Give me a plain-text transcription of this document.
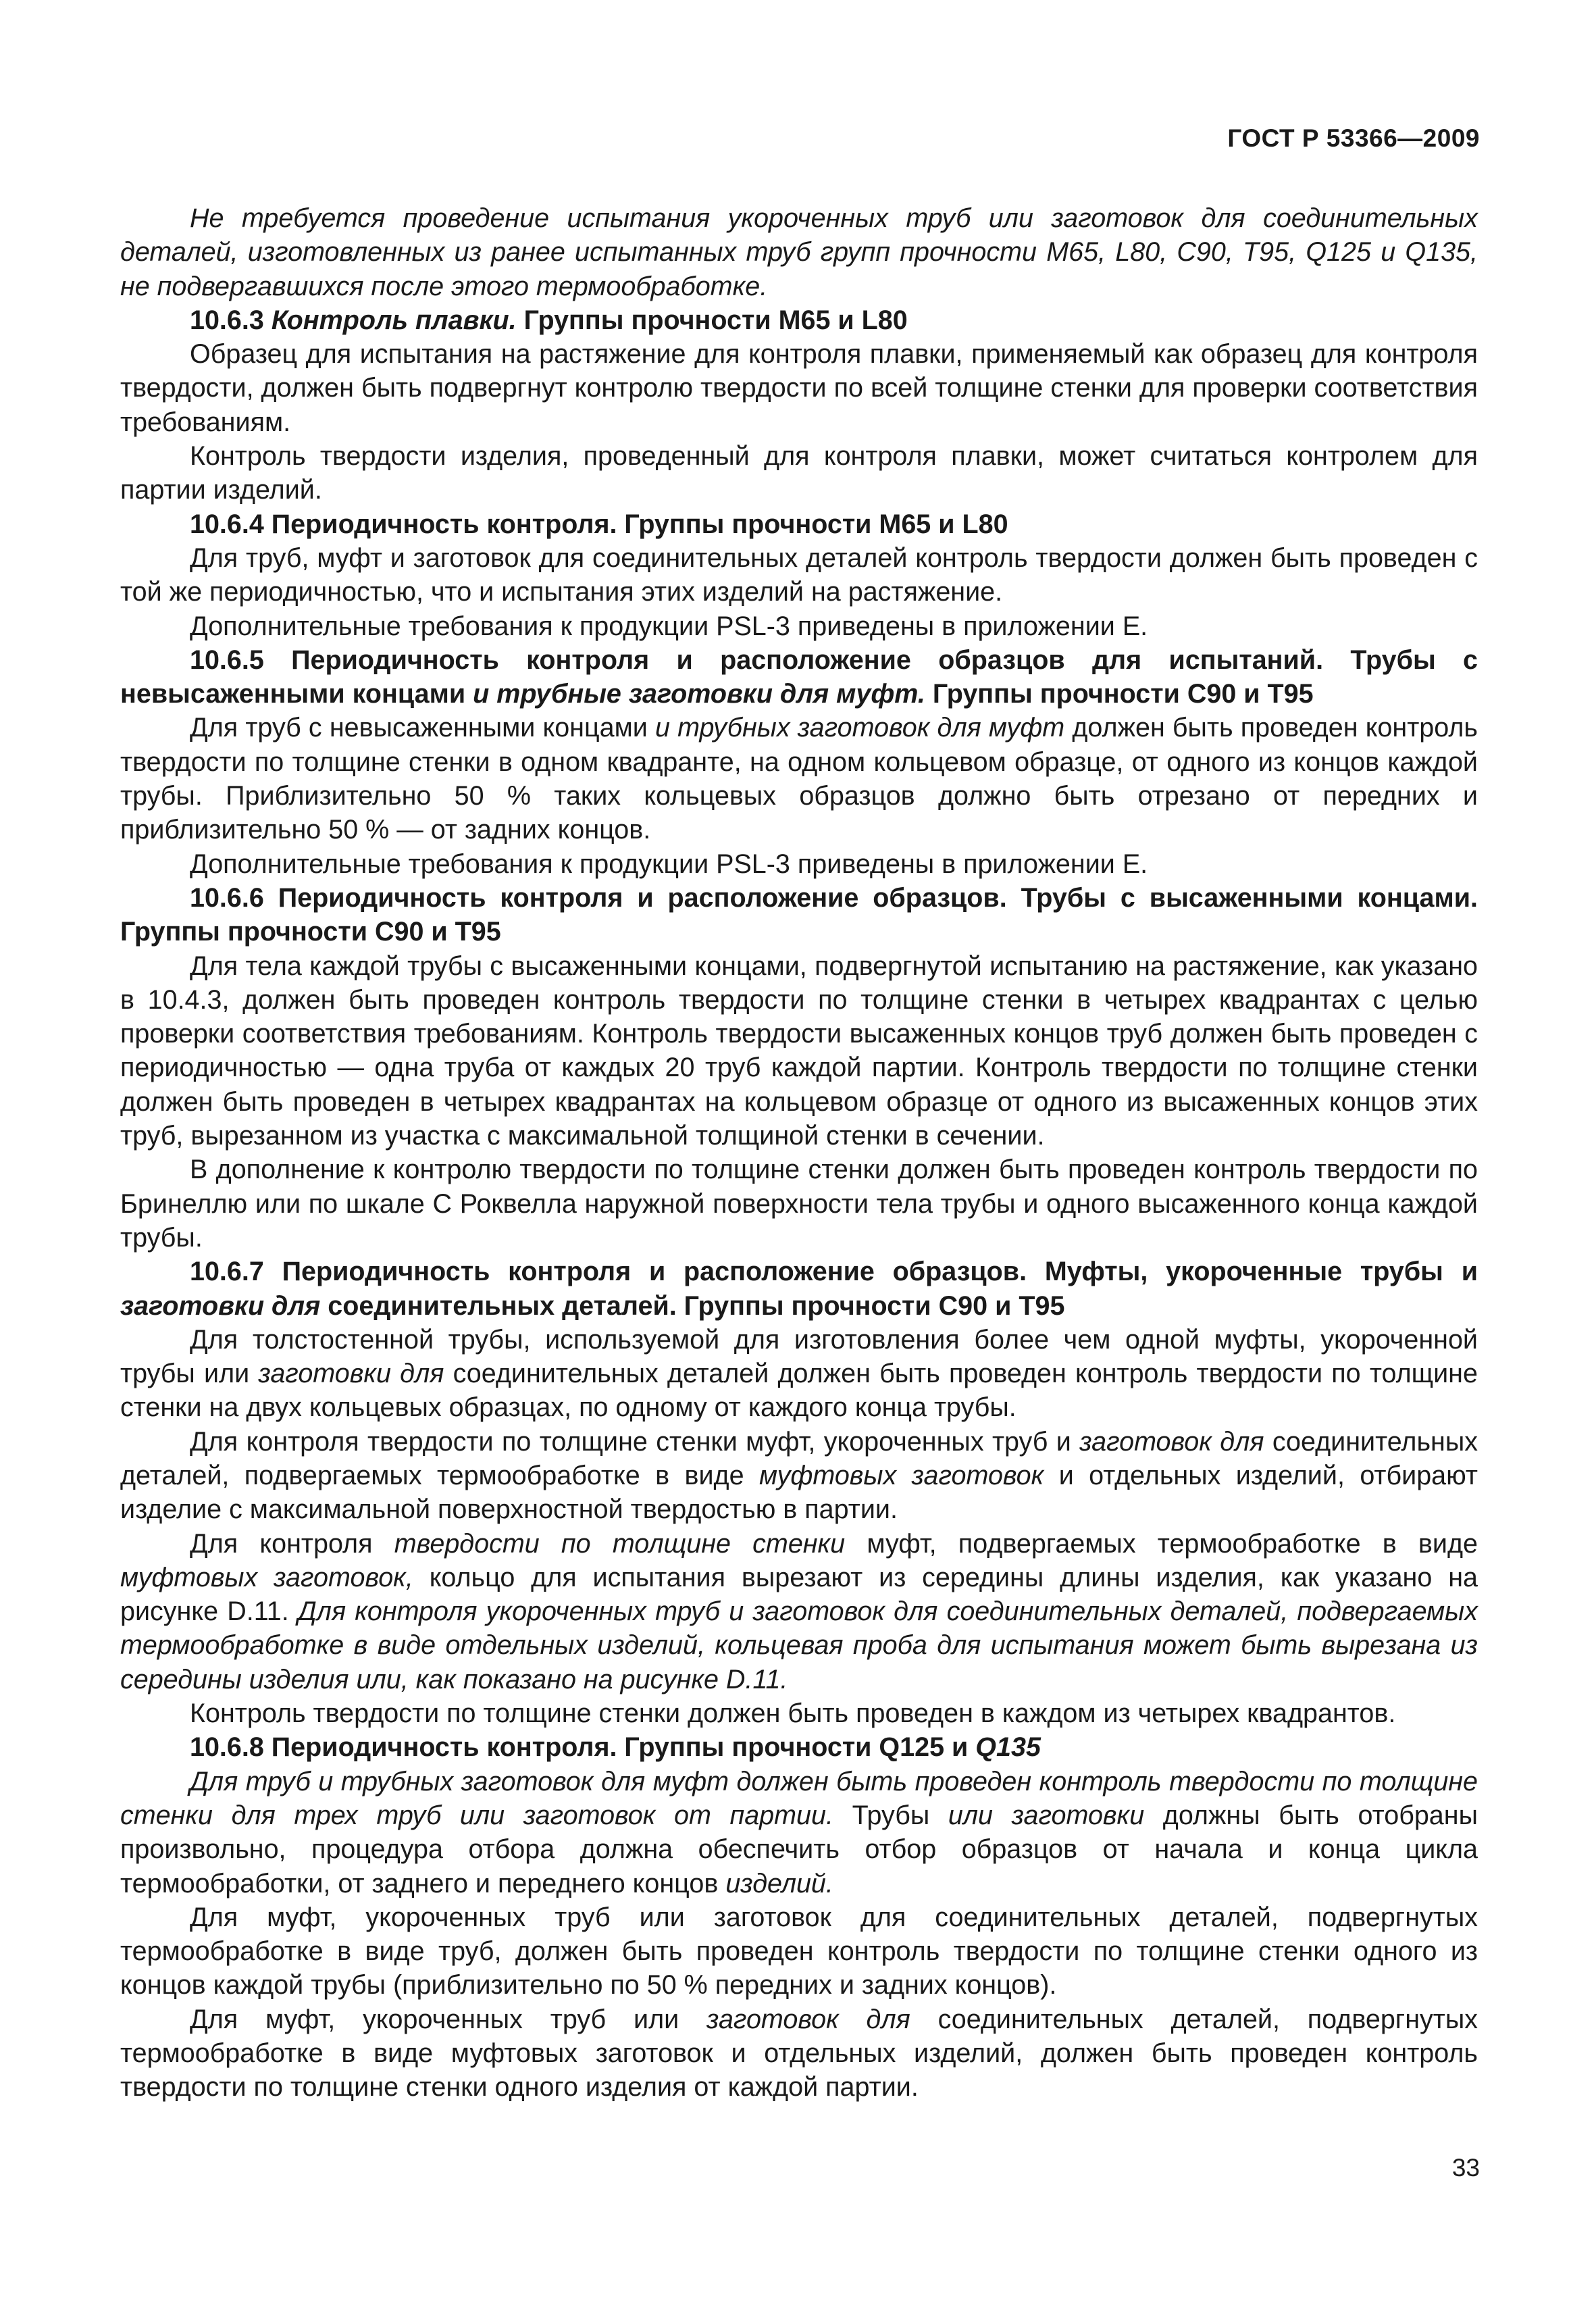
ГОСТ Р 53366—2009

Не требуется проведение испытания укороченных труб или заготовок для соединительных деталей, изготовленных из ранее испытанных труб групп прочности M65, L80, C90, T95, Q125 и Q135, не подвергавшихся после этого термообработке.

10.6.3 Контроль плавки. Группы прочности М65 и L80

Образец для испытания на растяжение для контроля плавки, применяемый как образец для контроля твердости, должен быть подвергнут контролю твердости по всей толщине стенки для проверки соответствия требованиям.

Контроль твердости изделия, проведенный для контроля плавки, может считаться контролем для партии изделий.

10.6.4 Периодичность контроля. Группы прочности М65 и L80

Для труб, муфт и заготовок для соединительных деталей контроль твердости должен быть проведен с той же периодичностью, что и испытания этих изделий на растяжение.

Дополнительные требования к продукции PSL-3 приведены в приложении Е.

10.6.5 Периодичность контроля и расположение образцов для испытаний. Трубы с невысаженными концами и трубные заготовки для муфт. Группы прочности С90 и Т95

Для труб с невысаженными концами и трубных заготовок для муфт должен быть проведен контроль твердости по толщине стенки в одном квадранте, на одном кольцевом образце, от одного из концов каждой трубы. Приблизительно 50 % таких кольцевых образцов должно быть отрезано от передних и приблизительно 50 % — от задних концов.

Дополнительные требования к продукции PSL-3 приведены в приложении Е.

10.6.6 Периодичность контроля и расположение образцов. Трубы с высаженными концами. Группы прочности С90 и Т95

Для тела каждой трубы с высаженными концами, подвергнутой испытанию на растяжение, как указано в 10.4.3, должен быть проведен контроль твердости по толщине стенки в четырех квадрантах с целью проверки соответствия требованиям. Контроль твердости высаженных концов труб должен быть проведен с периодичностью — одна труба от каждых 20 труб каждой партии. Контроль твердости по толщине стенки должен быть проведен в четырех квадрантах на кольцевом образце от одного из высаженных концов этих труб, вырезанном из участка с максимальной толщиной стенки в сечении.

В дополнение к контролю твердости по толщине стенки должен быть проведен контроль твердости по Бринеллю или по шкале С Роквелла наружной поверхности тела трубы и одного высаженного конца каждой трубы.

10.6.7 Периодичность контроля и расположение образцов. Муфты, укороченные трубы и заготовки для соединительных деталей. Группы прочности С90 и Т95

Для толстостенной трубы, используемой для изготовления более чем одной муфты, укороченной трубы или заготовки для соединительных деталей должен быть проведен контроль твердости по толщине стенки на двух кольцевых образцах, по одному от каждого конца трубы.

Для контроля твердости по толщине стенки муфт, укороченных труб и заготовок для соединительных деталей, подвергаемых термообработке в виде муфтовых заготовок и отдельных изделий, отбирают изделие с максимальной поверхностной твердостью в партии.

Для контроля твердости по толщине стенки муфт, подвергаемых термообработке в виде муфтовых заготовок, кольцо для испытания вырезают из середины длины изделия, как указано на рисунке D.11. Для контроля укороченных труб и заготовок для соединительных деталей, подвергаемых термообработке в виде отдельных изделий, кольцевая проба для испытания может быть вырезана из середины изделия или, как показано на рисунке D.11.

Контроль твердости по толщине стенки должен быть проведен в каждом из четырех квадрантов.

10.6.8 Периодичность контроля. Группы прочности Q125 и Q135

Для труб и трубных заготовок для муфт должен быть проведен контроль твердости по толщине стенки для трех труб или заготовок от партии. Трубы или заготовки должны быть отобраны произвольно, процедура отбора должна обеспечить отбор образцов от начала и конца цикла термообработки, от заднего и переднего концов изделий.

Для муфт, укороченных труб или заготовок для соединительных деталей, подвергнутых термообработке в виде труб, должен быть проведен контроль твердости по толщине стенки одного из концов каждой трубы (приблизительно по 50 % передних и задних концов).

Для муфт, укороченных труб или заготовок для соединительных деталей, подвергнутых термообработке в виде муфтовых заготовок и отдельных изделий, должен быть проведен контроль твердости по толщине стенки одного изделия от каждой партии.

33
